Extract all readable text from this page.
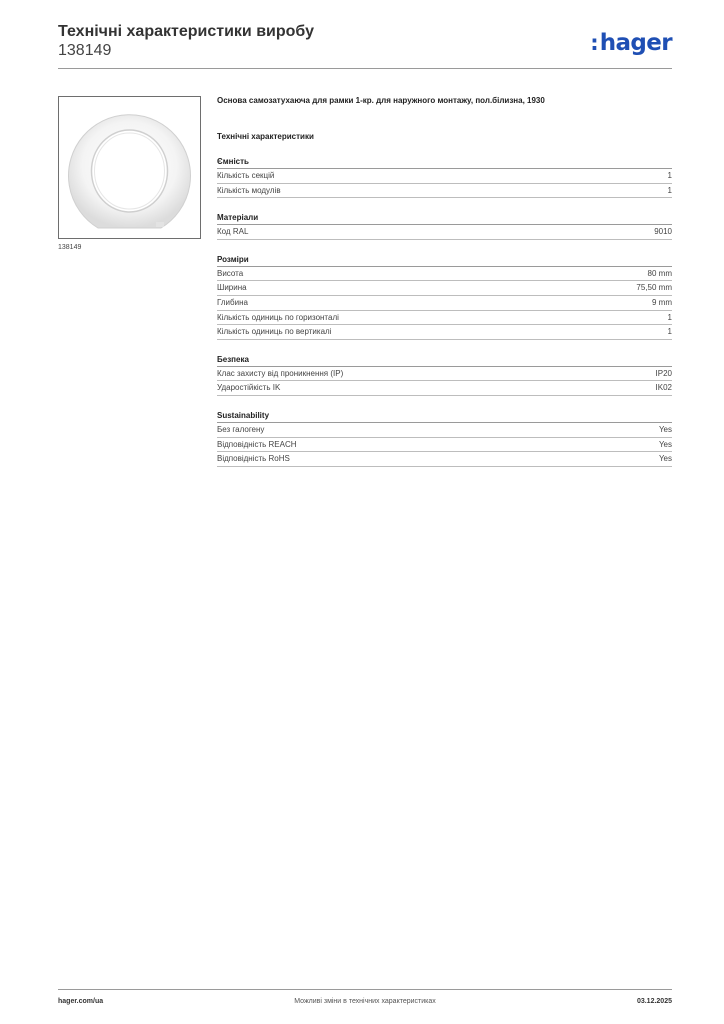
Технічні характеристики виробу
138149	:hager
138149
Основа самозатухаюча для рамки 1-кр. для наружного монтажу, пол.білизна, 1930
Технічні характеристики
Ємність
Кількість секцій	1
Кількість модулів	1
Матеріали
Код RAL	9010
Розміри
Висота	80 mm
Ширина	75,50 mm
Глибина	9 mm
Кількість одиниць по горизонталі	1
Кількість одиниць по вертикалі	1
Безпека
Клас захисту від проникнення (IP)	IP20
Ударостійкість IK	IK02
Sustainability
Без галогену	Yes
Відповідність REACH	Yes
Відповідність RoHS	Yes
hager.com/ua	Можливі зміни в технічних характеристиках	03.12.2025
